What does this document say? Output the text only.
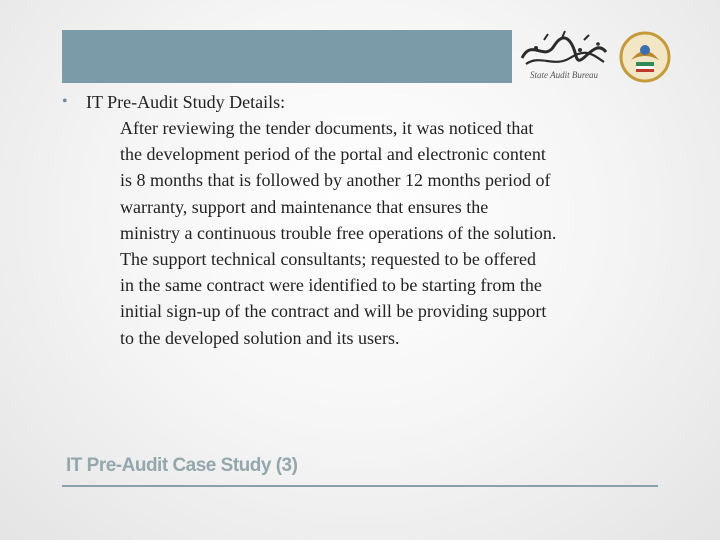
State Audit Bureau
• IT Pre-Audit Study Details:
After reviewing the tender documents, it was noticed that
the development period of the portal and electronic content
is 8 months that is followed by another 12 months period of
warranty, support and maintenance that ensures the
ministry a continuous trouble free operations of the solution.
The support technical consultants; requested to be offered
in the same contract were identified to be starting from the
initial sign-up of the contract and will be providing support
to the developed solution and its users.
IT Pre-Audit Case Study (3)
